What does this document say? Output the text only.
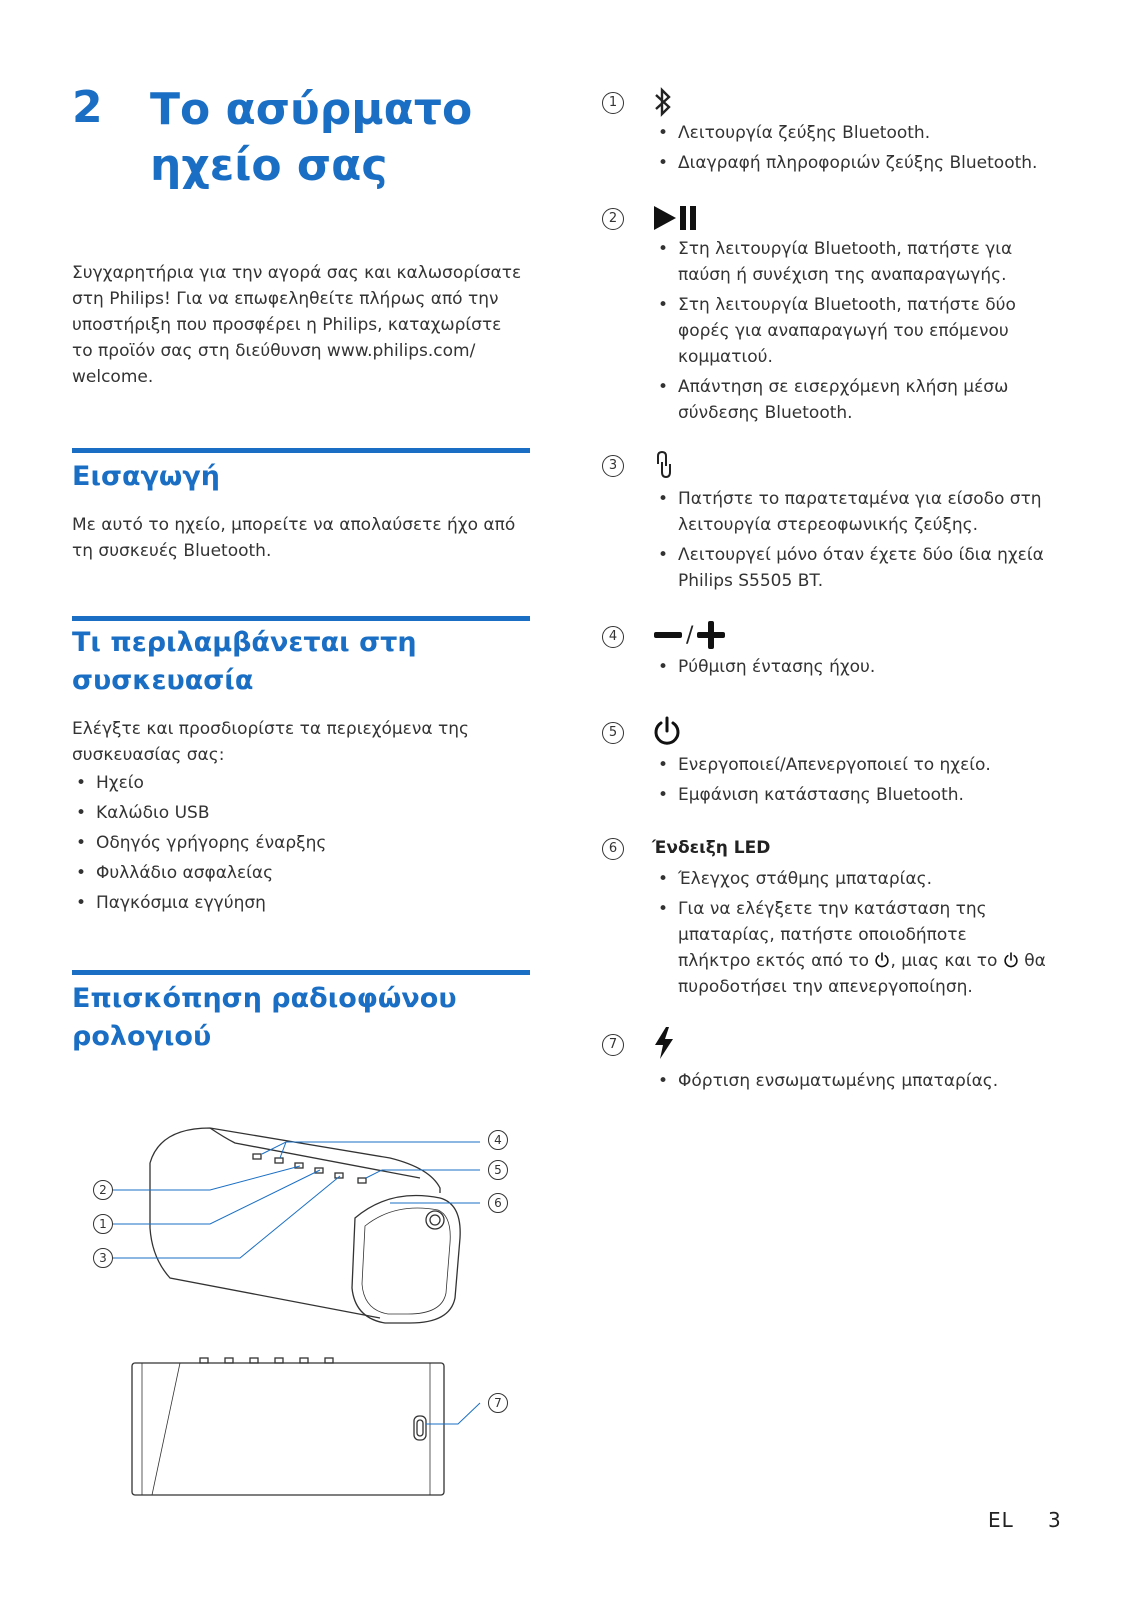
2 Το ασύρματο
ηχείο σας
Συγχαρητήρια για την αγορά σας και καλωσορίσατε
στη Philips! Για να επωφεληθείτε πλήρως από την
υποστήριξη που προσφέρει η Philips, καταχωρίστε
το προϊόν σας στη διεύθυνση www.philips.com/
welcome.
Εισαγωγή
Με αυτό το ηχείο, μπορείτε να απολαύσετε ήχο από
τη συσκευές Bluetooth.
Τι περιλαμβάνεται στη
συσκευασία
Ελέγξτε και προσδιορίστε τα περιεχόμενα της
συσκευασίας σας:
• Ηχείο
• Καλώδιο USB
• Οδηγός γρήγορης έναρξης
• Φυλλάδιο ασφαλείας
• Παγκόσμια εγγύηση
Επισκόπηση ραδιοφώνου
ρολογιού
4
5
6
2
1
3
7
1
• Λειτουργία ζεύξης Bluetooth.
• Διαγραφή πληροφοριών ζεύξης Bluetooth.
2
• Στη λειτουργία Bluetooth, πατήστε για
παύση ή συνέχιση της αναπαραγωγής.
• Στη λειτουργία Bluetooth, πατήστε δύο
φορές για αναπαραγωγή του επόμενου
κομματιού.
• Απάντηση σε εισερχόμενη κλήση μέσω
σύνδεσης Bluetooth.
3
• Πατήστε το παρατεταμένα για είσοδο στη
λειτουργία στερεοφωνικής ζεύξης.
• Λειτουργεί μόνο όταν έχετε δύο ίδια ηχεία
Philips S5505 BT.
4	/
• Ρύθμιση έντασης ήχου.
5
• Ενεργοποιεί/Απενεργοποιεί το ηχείο.
• Εμφάνιση κατάστασης Bluetooth.
6	Ένδειξη LED
• Έλεγχος στάθμης μπαταρίας.
• Για να ελέγξετε την κατάσταση της
μπαταρίας, πατήστε οποιοδήποτε
πλήκτρο εκτός από το , μιας και το θα
πυροδοτήσει την απενεργοποίηση.
7
• Φόρτιση ενσωματωμένης μπαταρίας.
EL 3
